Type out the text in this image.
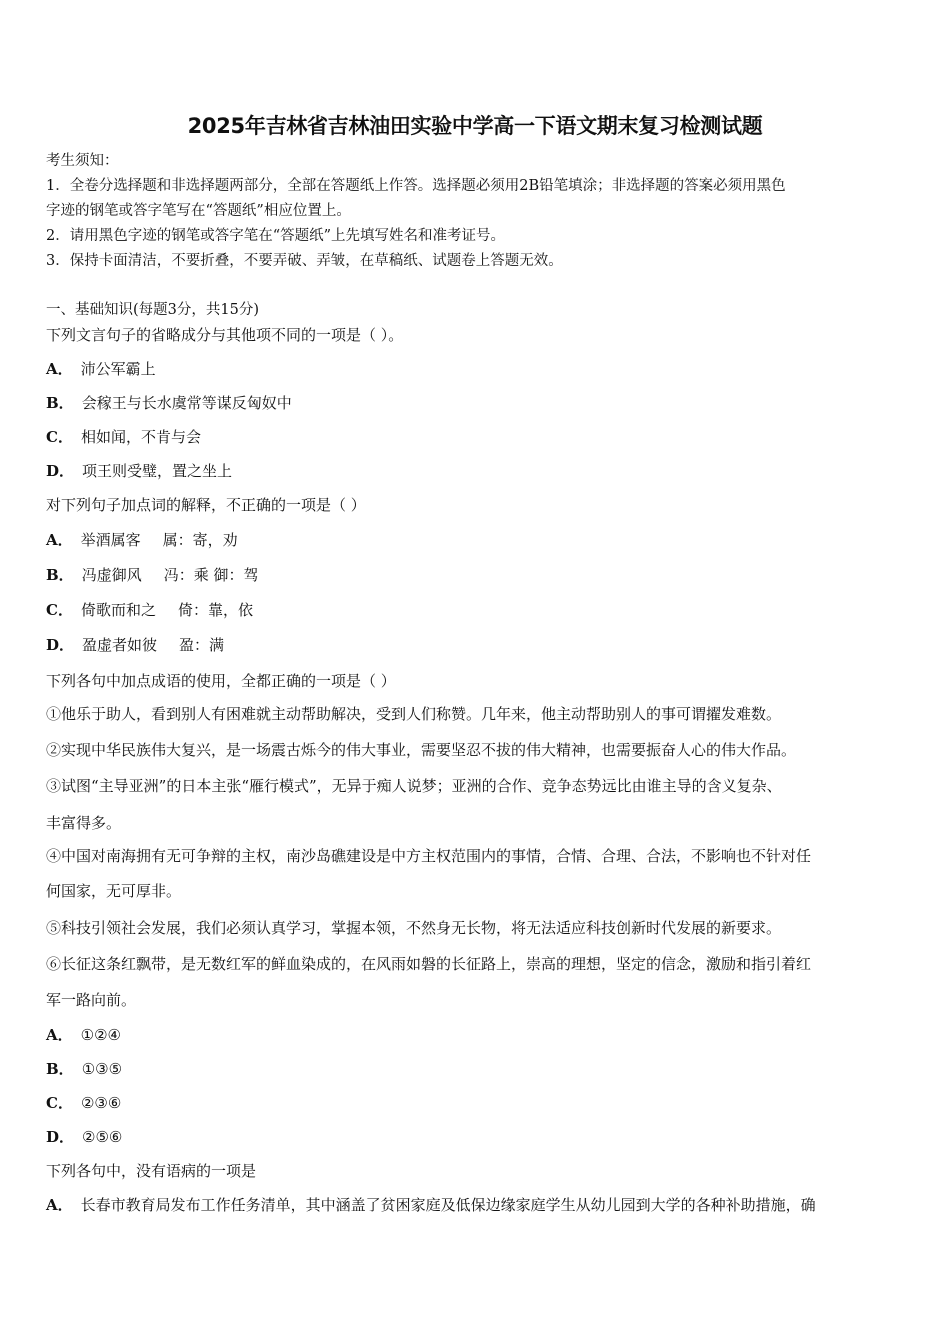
2025年吉林省吉林油田实验中学高一下语文期末复习检测试题
考生须知：
1．全卷分选择题和非选择题两部分，全部在答题纸上作答。选择题必须用2B铅笔填涂；非选择题的答案必须用黑色
字迹的钢笔或答字笔写在“答题纸”相应位置上。
2．请用黑色字迹的钢笔或答字笔在“答题纸”上先填写姓名和准考证号。
3．保持卡面清洁，不要折叠，不要弄破、弄皱，在草稿纸、试题卷上答题无效。
一、基础知识(每题3分，共15分)
下列文言句子的省略成分与其他项不同的一项是（ ）。
A． 沛公军霸上
B． 会稼王与长水虞常等谋反匈奴中
C． 相如闻，不肯与会
D． 项王则受璧，置之坐上
对下列句子加点词的解释，不正确的一项是（ ）
A． 举酒属客 属：寄，劝
B． 冯虚御风 冯：乘 御：驾
C． 倚歌而和之 倚：靠，依
D． 盈虚者如彼 盈：满
下列各句中加点成语的使用，全都正确的一项是（ ）
①他乐于助人，看到别人有困难就主动帮助解决，受到人们称赞。几年来，他主动帮助别人的事可谓擢发难数。
②实现中华民族伟大复兴，是一场震古烁今的伟大事业，需要坚忍不拔的伟大精神，也需要振奋人心的伟大作品。
③试图“主导亚洲”的日本主张“雁行模式”，无异于痴人说梦；亚洲的合作、竞争态势远比由谁主导的含义复杂、
丰富得多。
④中国对南海拥有无可争辩的主权，南沙岛礁建设是中方主权范围内的事情，合情、合理、合法，不影响也不针对任
何国家，无可厚非。
⑤科技引领社会发展，我们必须认真学习，掌握本领，不然身无长物，将无法适应科技创新时代发展的新要求。
⑥长征这条红飘带，是无数红军的鲜血染成的，在风雨如磐的长征路上，崇高的理想，坚定的信念，激励和指引着红
军一路向前。
A． ①②④
B． ①③⑤
C． ②③⑥
D． ②⑤⑥
下列各句中，没有语病的一项是
A． 长春市教育局发布工作任务清单，其中涵盖了贫困家庭及低保边缘家庭学生从幼儿园到大学的各种补助措施，确
